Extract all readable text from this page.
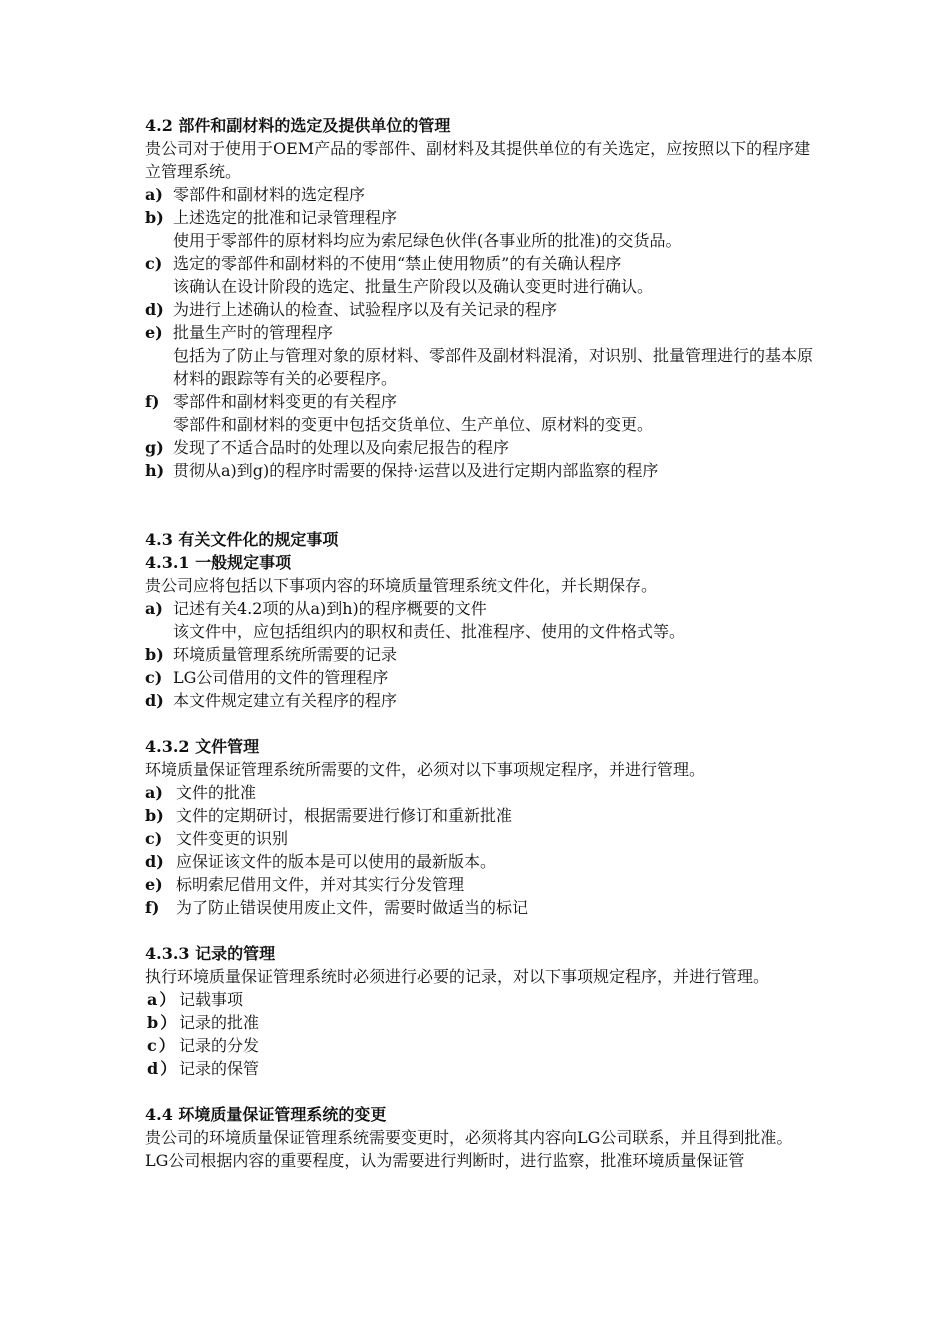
4.2 部件和副材料的选定及提供单位的管理

贵公司对于使用于OEM产品的零部件、副材料及其提供单位的有关选定，应按照以下的程序建立管理系统。

a) 零部件和副材料的选定程序
b) 上述选定的批准和记录管理程序
使用于零部件的原材料均应为索尼绿色伙伴(各事业所的批准)的交货品。
c) 选定的零部件和副材料的不使用“禁止使用物质”的有关确认程序
该确认在设计阶段的选定、批量生产阶段以及确认变更时进行确认。
d) 为进行上述确认的检查、试验程序以及有关记录的程序
e) 批量生产时的管理程序
包括为了防止与管理对象的原材料、零部件及副材料混淆，对识别、批量管理进行的基本原材料的跟踪等有关的必要程序。
f) 零部件和副材料变更的有关程序
零部件和副材料的变更中包括交货单位、生产单位、原材料的变更。
g) 发现了不适合品时的处理以及向索尼报告的程序
h) 贯彻从a)到g)的程序时需要的保持·运营以及进行定期内部监察的程序

4.3 有关文件化的规定事项

4.3.1 一般规定事项

贵公司应将包括以下事项内容的环境质量管理系统文件化，并长期保存。

a) 记述有关4.2项的从a)到h)的程序概要的文件
该文件中，应包括组织内的职权和责任、批准程序、使用的文件格式等。
b) 环境质量管理系统所需要的记录
c) LG公司借用的文件的管理程序
d) 本文件规定建立有关程序的程序

4.3.2 文件管理

环境质量保证管理系统所需要的文件，必须对以下事项规定程序，并进行管理。

a) 文件的批准
b) 文件的定期研讨，根据需要进行修订和重新批准
c) 文件变更的识别
d) 应保证该文件的版本是可以使用的最新版本。
e) 标明索尼借用文件，并对其实行分发管理
f) 为了防止错误使用废止文件，需要时做适当的标记

4.3.3 记录的管理

执行环境质量保证管理系统时必须进行必要的记录，对以下事项规定程序，并进行管理。

a） 记载事项
b） 记录的批准
c） 记录的分发
d） 记录的保管

4.4 环境质量保证管理系统的变更

贵公司的环境质量保证管理系统需要变更时，必须将其内容向LG公司联系，并且得到批准。

LG公司根据内容的重要程度，认为需要进行判断时，进行监察，批准环境质量保证管
